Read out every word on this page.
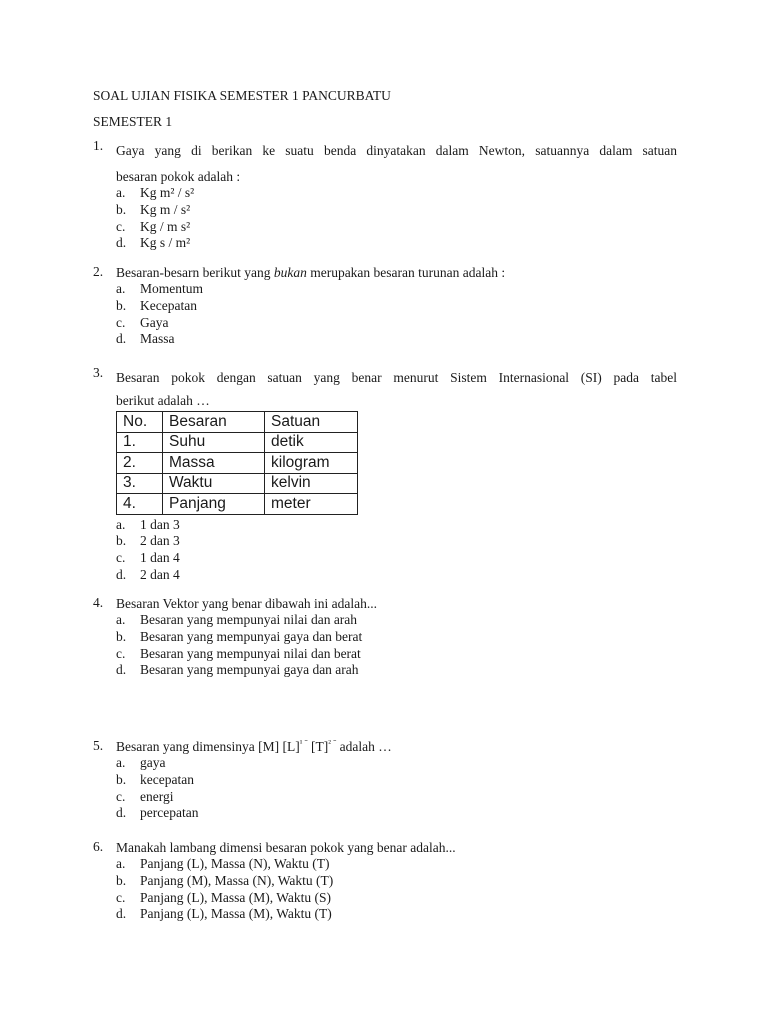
SOAL UJIAN FISIKA SEMESTER 1 PANCURBATU
SEMESTER 1
1. Gaya yang di berikan ke suatu benda dinyatakan dalam Newton, satuannya dalam satuan
besaran pokok adalah :
a.	Kg m² / s²
b.	Kg m / s²
c.	Kg / m s²
d.	Kg s / m²
2. Besaran-besarn berikut yang bukan merupakan besaran turunan adalah :
a.	Momentum
b.	Kecepatan
c.	Gaya
d.	Massa
3. Besaran pokok dengan satuan yang benar menurut Sistem Internasional (SI) pada tabel
berikut adalah …
No.	Besaran	Satuan
1.	Suhu	detik
2.	Massa	kilogram
3.	Waktu	kelvin
4.	Panjang	meter
a.	1 dan 3
b.	2 dan 3
c.	1 dan 4
d.	2 dan 4
4. Besaran Vektor yang benar dibawah ini adalah...
a.	Besaran yang mempunyai nilai dan arah
b.	Besaran yang mempunyai gaya dan berat
c.	Besaran yang mempunyai nilai dan berat
d.	Besaran yang mempunyai gaya dan arah
5. Besaran yang dimensinya [M] $[L]^{^1 ˉ}$ $[T]^{^2 ˉ}$ adalah …
a.	gaya
b.	kecepatan
c.	energi
d.	percepatan
6. Manakah lambang dimensi besaran pokok yang benar adalah...
a.	Panjang (L), Massa (N), Waktu (T)
b.	Panjang (M), Massa (N), Waktu (T)
c.	Panjang (L), Massa (M), Waktu (S)
d.	Panjang (L), Massa (M), Waktu (T)
